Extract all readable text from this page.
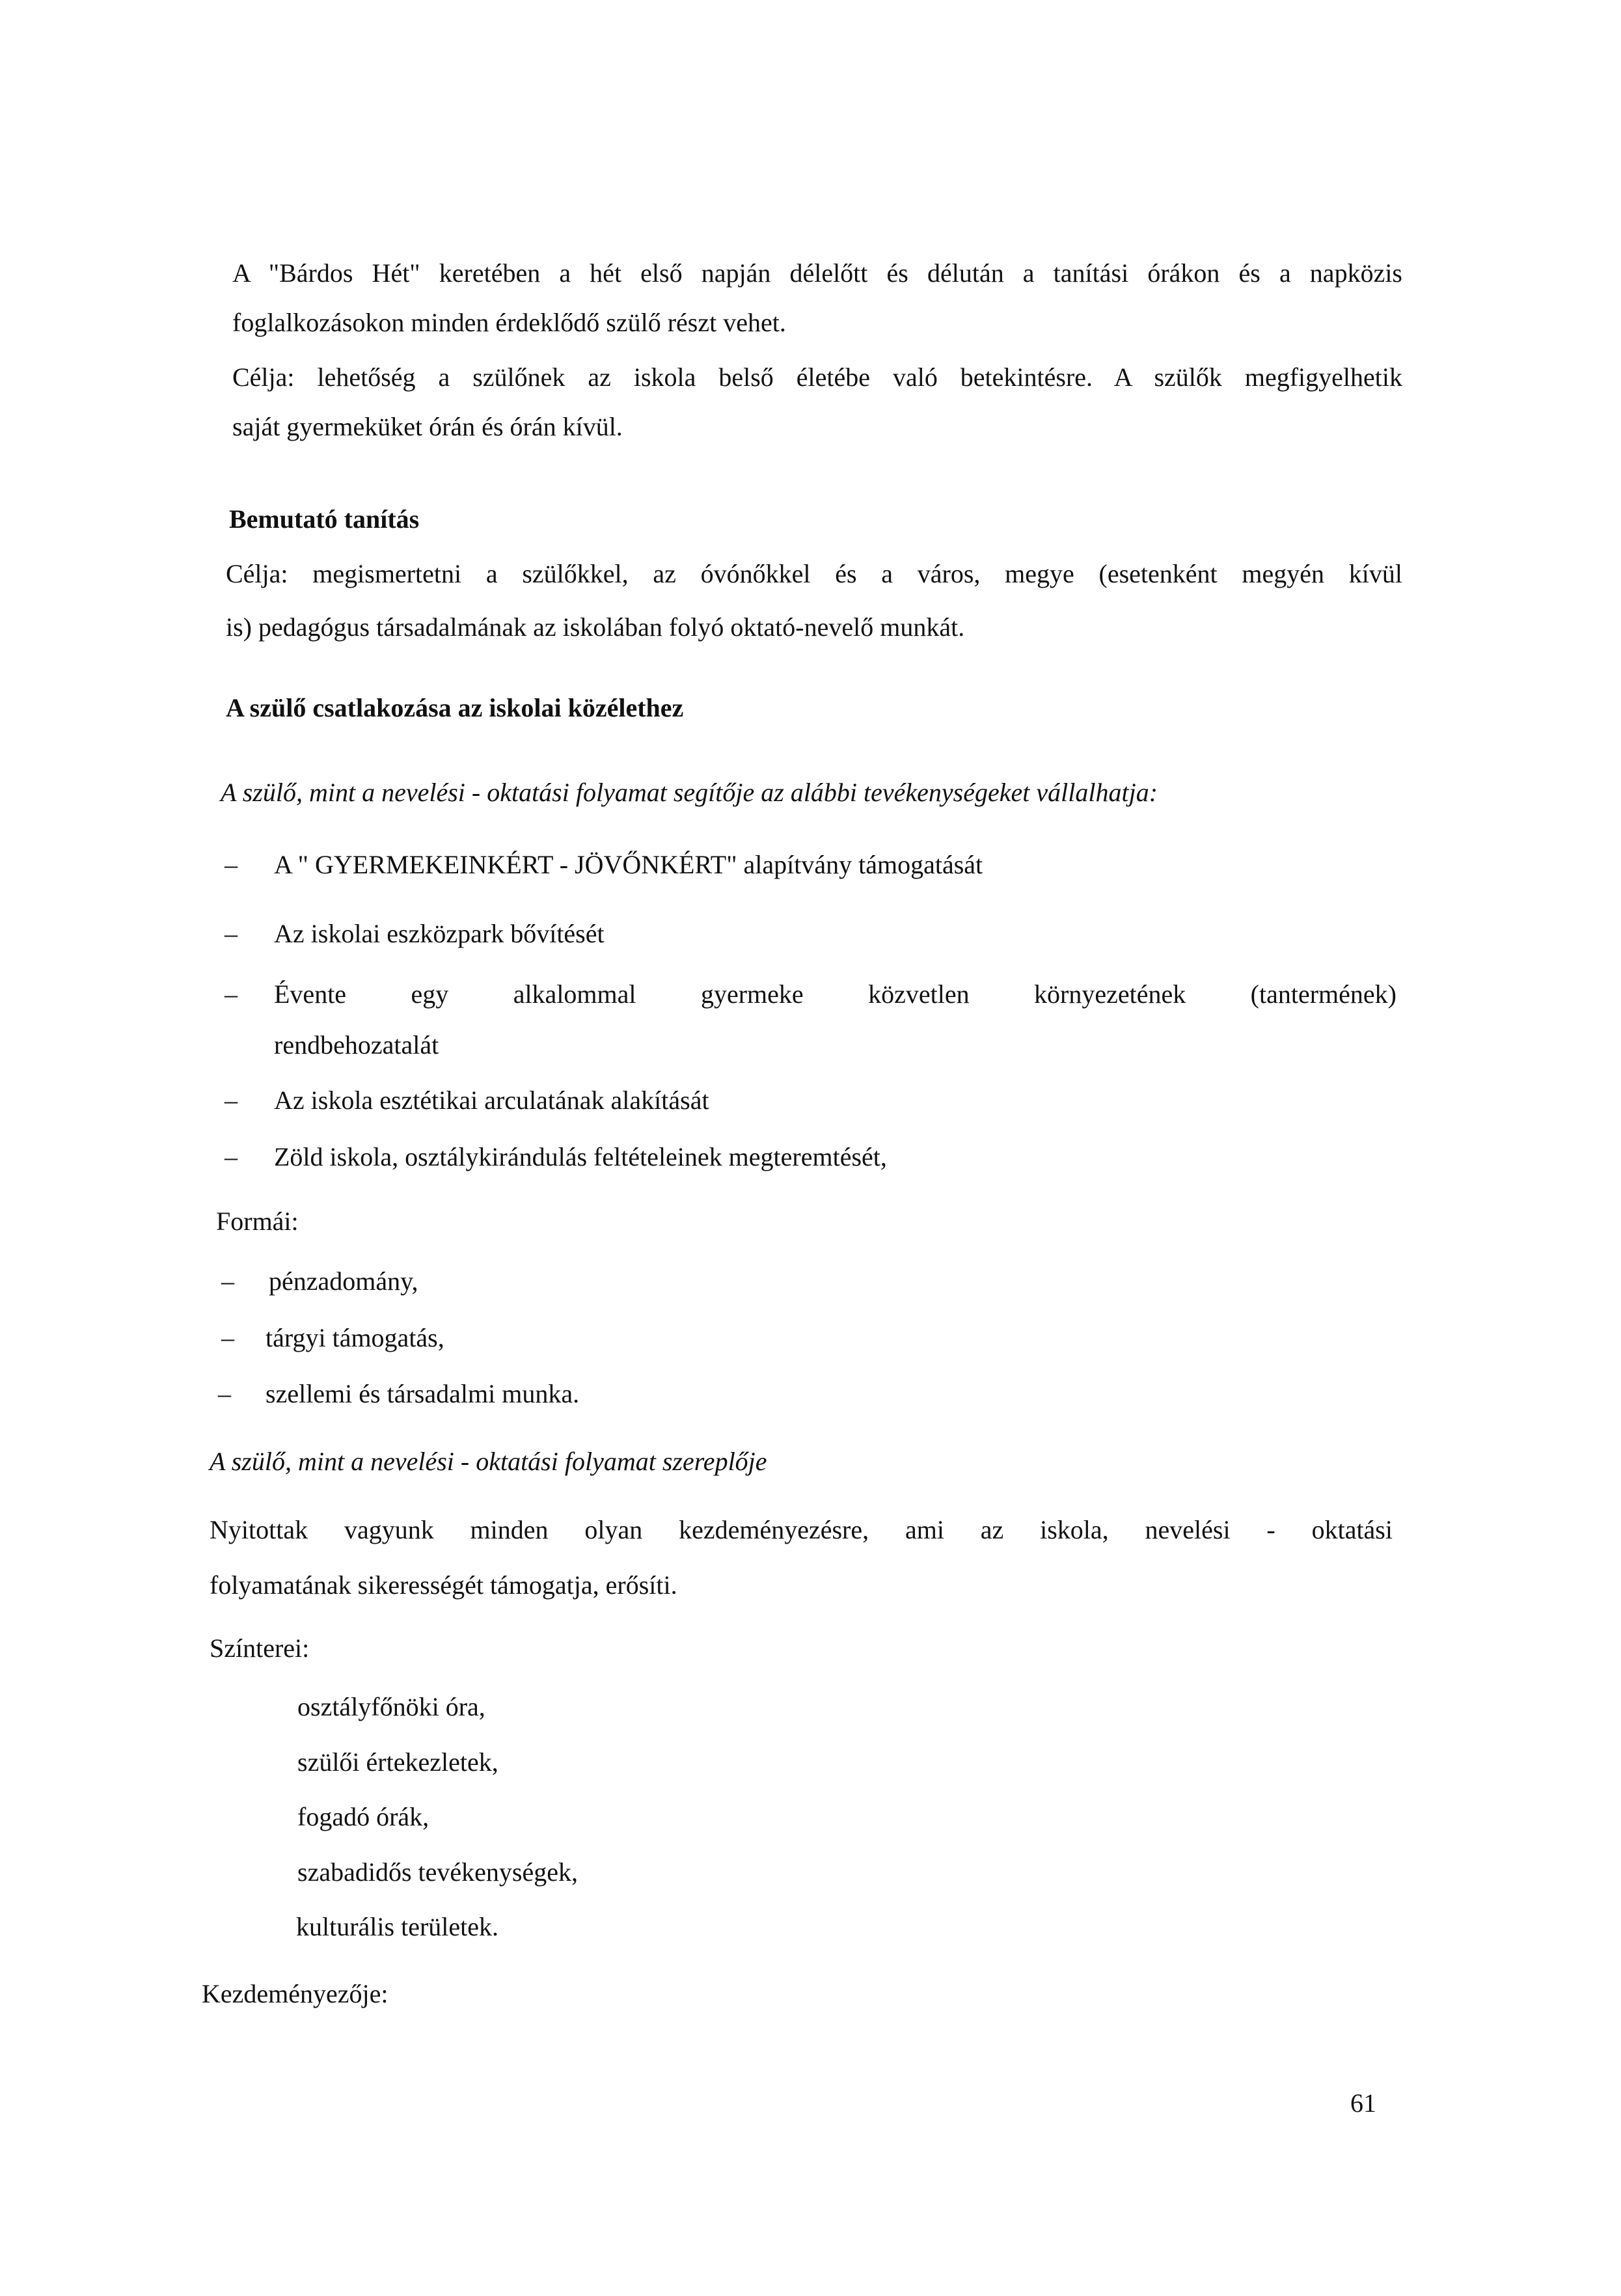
A "Bárdos Hét" keretében a hét első napján délelőtt és délután a tanítási órákon és a napközis

foglalkozásokon minden érdeklődő szülő részt vehet.

Célja: lehetőség a szülőnek az iskola belső életébe való betekintésre. A szülők megfigyelhetik

saját gyermeküket órán és órán kívül.

Bemutató tanítás

Célja: megismertetni a szülőkkel, az óvónőkkel és a város, megye (esetenként megyén kívül

is) pedagógus társadalmának az iskolában folyó oktató-nevelő munkát.

A szülő csatlakozása az iskolai közélethez

A szülő, mint a nevelési - oktatási folyamat segítője az alábbi tevékenységeket vállalhatja:

– A " GYERMEKEINKÉRT - JÖVŐNKÉRT" alapítvány támogatását
– Az iskolai eszközpark bővítését
– Évente egy alkalommal gyermeke közvetlen környezetének (tantermének)
rendbehozatalát
– Az iskola esztétikai arculatának alakítását
– Zöld iskola, osztálykirándulás feltételeinek megteremtését,

Formái:

– pénzadomány,
– tárgyi támogatás,
– szellemi és társadalmi munka.

A szülő, mint a nevelési - oktatási folyamat szereplője

Nyitottak vagyunk minden olyan kezdeményezésre, ami az iskola, nevelési - oktatási

folyamatának sikerességét támogatja, erősíti.

Színterei:

osztályfőnöki óra,
szülői értekezletek,
fogadó órák,
szabadidős tevékenységek,
kulturális területek.

Kezdeményezője:

61
